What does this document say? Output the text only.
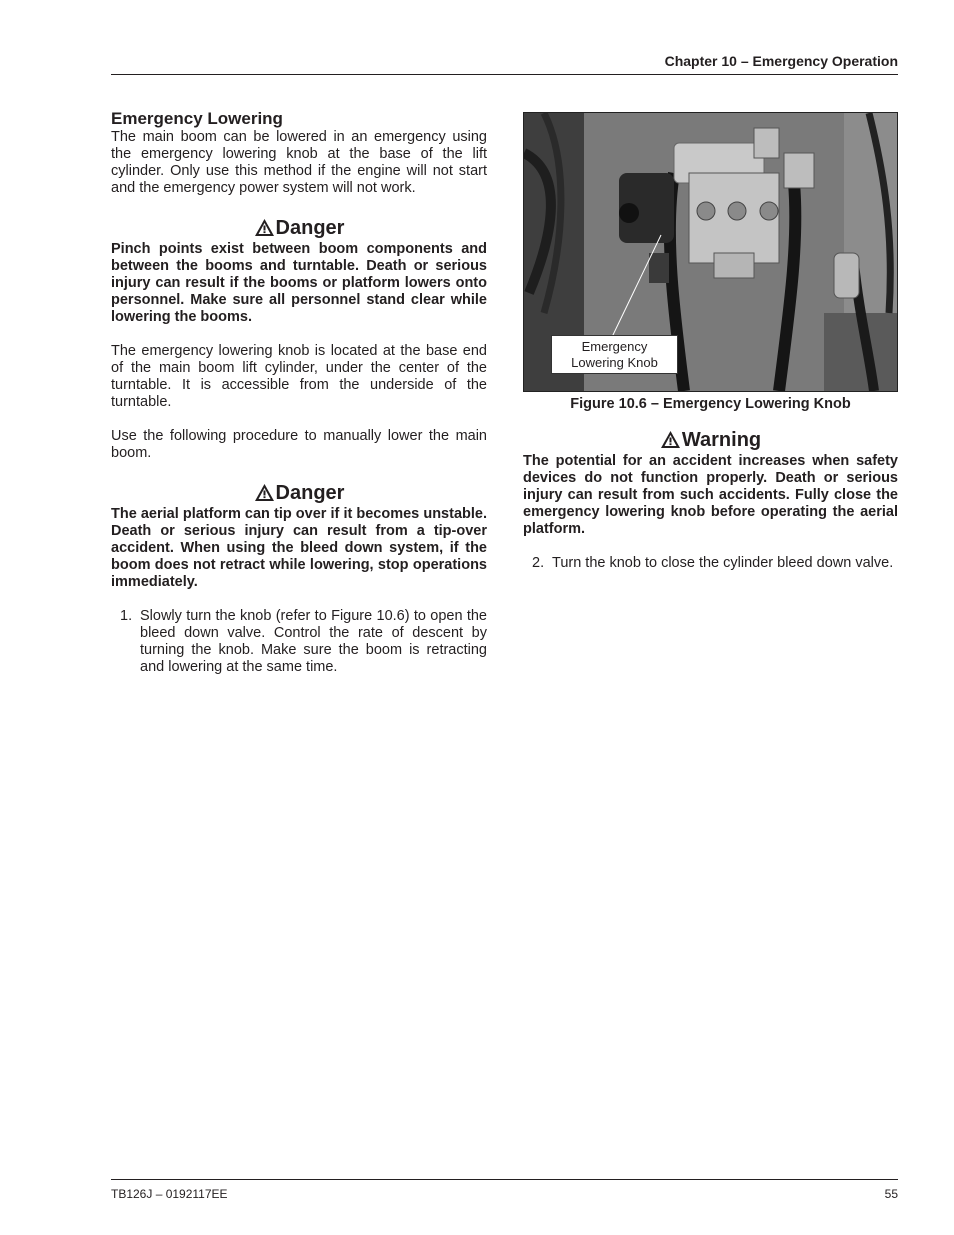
Chapter 10 – Emergency Operation
Emergency Lowering

The main boom can be lowered in an emergency using the emergency lowering knob at the base of the lift cylinder. Only use this method if the engine will not start and the emergency power system will not work.

Danger

Pinch points exist between boom components and between the booms and turntable. Death or serious injury can result if the booms or platform lowers onto personnel. Make sure all personnel stand clear while lowering the booms.

The emergency lowering knob is located at the base end of the main boom lift cylinder, under the center of the turntable. It is accessible from the underside of the turntable.

Use the following procedure to manually lower the main boom.

Danger

The aerial platform can tip over if it becomes unstable. Death or serious injury can result from a tip-over accident. When using the bleed down system, if the boom does not retract while lowering, stop operations immediately.

1. Slowly turn the knob (refer to Figure 10.6) to open the bleed down valve. Control the rate of descent by turning the knob. Make sure the boom is retracting and lowering at the same time.
Emergency
Lowering Knob
Figure 10.6 – Emergency Lowering Knob
Warning

The potential for an accident increases when safety devices do not function properly. Death or serious injury can result from such accidents. Fully close the emergency lowering knob before operating the aerial platform.

2. Turn the knob to close the cylinder bleed down valve.
TB126J – 0192117EE	55
